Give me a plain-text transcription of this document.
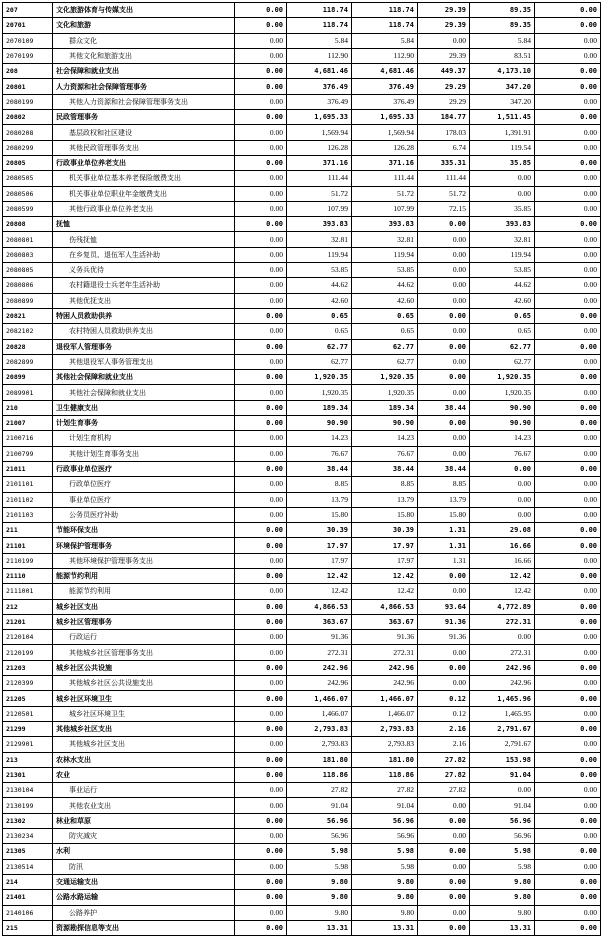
207	文化旅游体育与传媒支出	0.00	118.74	118.74	29.39	89.35	0.00
20701	文化和旅游	0.00	118.74	118.74	29.39	89.35	0.00
2070109	群众文化	0.00	5.84	5.84	0.00	5.84	0.00
2070199	其他文化和旅游支出	0.00	112.90	112.90	29.39	83.51	0.00
208	社会保障和就业支出	0.00	4,681.46	4,681.46	449.37	4,173.10	0.00
20801	人力资源和社会保障管理事务	0.00	376.49	376.49	29.29	347.20	0.00
2080199	其他人力资源和社会保障管理事务支出	0.00	376.49	376.49	29.29	347.20	0.00
20802	民政管理事务	0.00	1,695.33	1,695.33	184.77	1,511.45	0.00
2080208	基层政权和社区建设	0.00	1,569.94	1,569.94	178.03	1,391.91	0.00
2080299	其他民政管理事务支出	0.00	126.28	126.28	6.74	119.54	0.00
20805	行政事业单位养老支出	0.00	371.16	371.16	335.31	35.85	0.00
2080505	机关事业单位基本养老保险缴费支出	0.00	111.44	111.44	111.44	0.00	0.00
2080506	机关事业单位职业年金缴费支出	0.00	51.72	51.72	51.72	0.00	0.00
2080599	其他行政事业单位养老支出	0.00	107.99	107.99	72.15	35.85	0.00
20808	抚恤	0.00	393.83	393.83	0.00	393.83	0.00
2080801	伤残抚恤	0.00	32.81	32.81	0.00	32.81	0.00
2080803	在乡复员、退伍军人生活补助	0.00	119.94	119.94	0.00	119.94	0.00
2080805	义务兵优待	0.00	53.85	53.85	0.00	53.85	0.00
2080806	农村籍退役士兵老年生活补助	0.00	44.62	44.62	0.00	44.62	0.00
2080899	其他优抚支出	0.00	42.60	42.60	0.00	42.60	0.00
20821	特困人员救助供养	0.00	0.65	0.65	0.00	0.65	0.00
2082102	农村特困人员救助供养支出	0.00	0.65	0.65	0.00	0.65	0.00
20828	退役军人管理事务	0.00	62.77	62.77	0.00	62.77	0.00
2082899	其他退役军人事务管理支出	0.00	62.77	62.77	0.00	62.77	0.00
20899	其他社会保障和就业支出	0.00	1,920.35	1,920.35	0.00	1,920.35	0.00
2089901	其他社会保障和就业支出	0.00	1,920.35	1,920.35	0.00	1,920.35	0.00
210	卫生健康支出	0.00	189.34	189.34	38.44	90.90	0.00
21007	计划生育事务	0.00	90.90	90.90	0.00	90.90	0.00
2100716	计划生育机构	0.00	14.23	14.23	0.00	14.23	0.00
2100799	其他计划生育事务支出	0.00	76.67	76.67	0.00	76.67	0.00
21011	行政事业单位医疗	0.00	38.44	38.44	38.44	0.00	0.00
2101101	行政单位医疗	0.00	8.85	8.85	8.85	0.00	0.00
2101102	事业单位医疗	0.00	13.79	13.79	13.79	0.00	0.00
2101103	公务员医疗补助	0.00	15.80	15.80	15.80	0.00	0.00
211	节能环保支出	0.00	30.39	30.39	1.31	29.08	0.00
21101	环境保护管理事务	0.00	17.97	17.97	1.31	16.66	0.00
2110199	其他环境保护管理事务支出	0.00	17.97	17.97	1.31	16.66	0.00
21110	能源节约利用	0.00	12.42	12.42	0.00	12.42	0.00
2111001	能源节约利用	0.00	12.42	12.42	0.00	12.42	0.00
212	城乡社区支出	0.00	4,866.53	4,866.53	93.64	4,772.89	0.00
21201	城乡社区管理事务	0.00	363.67	363.67	91.36	272.31	0.00
2120104	行政运行	0.00	91.36	91.36	91.36	0.00	0.00
2120199	其他城乡社区管理事务支出	0.00	272.31	272.31	0.00	272.31	0.00
21203	城乡社区公共设施	0.00	242.96	242.96	0.00	242.96	0.00
2120399	其他城乡社区公共设施支出	0.00	242.96	242.96	0.00	242.96	0.00
21205	城乡社区环境卫生	0.00	1,466.07	1,466.07	0.12	1,465.96	0.00
2120501	城乡社区环境卫生	0.00	1,466.07	1,466.07	0.12	1,465.95	0.00
21299	其他城乡社区支出	0.00	2,793.83	2,793.83	2.16	2,791.67	0.00
2129901	其他城乡社区支出	0.00	2,793.83	2,793.83	2.16	2,791.67	0.00
213	农林水支出	0.00	181.80	181.80	27.82	153.98	0.00
21301	农业	0.00	118.86	118.86	27.82	91.04	0.00
2130104	事业运行	0.00	27.82	27.82	27.82	0.00	0.00
2130199	其他农业支出	0.00	91.04	91.04	0.00	91.04	0.00
21302	林业和草原	0.00	56.96	56.96	0.00	56.96	0.00
2130234	防灾减灾	0.00	56.96	56.96	0.00	56.96	0.00
21305	水利	0.00	5.98	5.98	0.00	5.98	0.00
2130514	防汛	0.00	5.98	5.98	0.00	5.98	0.00
214	交通运输支出	0.00	9.80	9.80	0.00	9.80	0.00
21401	公路水路运输	0.00	9.80	9.80	0.00	9.80	0.00
2140106	公路养护	0.00	9.80	9.80	0.00	9.80	0.00
215	资源勘探信息等支出	0.00	13.31	13.31	0.00	13.31	0.00
